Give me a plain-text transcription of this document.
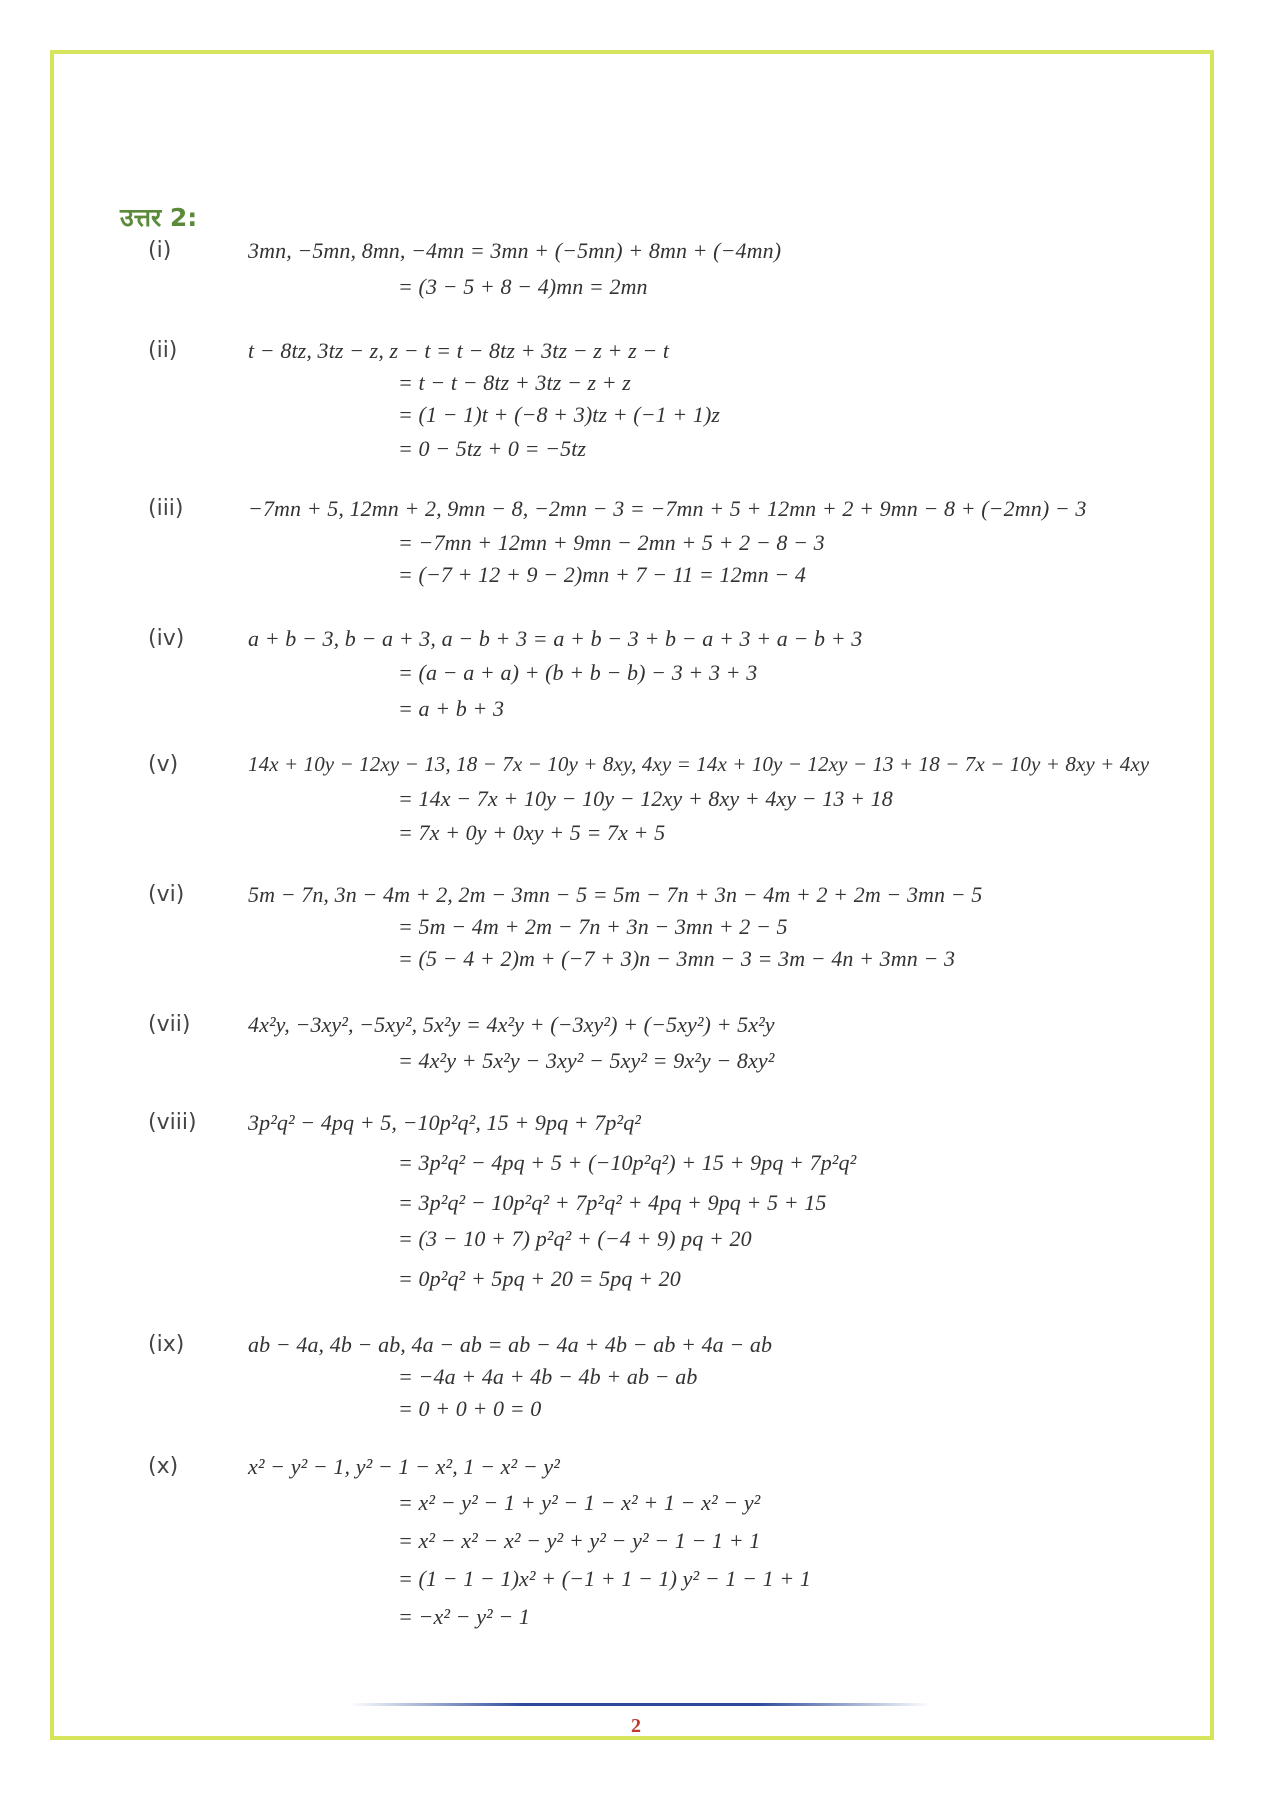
उत्तर 2:
(i)	3mn, −5mn, 8mn, −4mn = 3mn + (−5mn) + 8mn + (−4mn)
= (3 − 5 + 8 − 4)mn = 2mn
(ii)	t − 8tz, 3tz − z, z − t = t − 8tz + 3tz − z + z − t
= t − t − 8tz + 3tz − z + z
= (1 − 1)t + (−8 + 3)tz + (−1 + 1)z
= 0 − 5tz + 0 = −5tz
(iii)	−7mn + 5, 12mn + 2, 9mn − 8, −2mn − 3 = −7mn + 5 + 12mn + 2 + 9mn − 8 + (−2mn) − 3
= −7mn + 12mn + 9mn − 2mn + 5 + 2 − 8 − 3
= (−7 + 12 + 9 − 2)mn + 7 − 11 = 12mn − 4
(iv)	a + b − 3, b − a + 3, a − b + 3 = a + b − 3 + b − a + 3 + a − b + 3
= (a − a + a) + (b + b − b) − 3 + 3 + 3
= a + b + 3
(v)	14x + 10y − 12xy − 13, 18 − 7x − 10y + 8xy, 4xy = 14x + 10y − 12xy − 13 + 18 − 7x − 10y + 8xy + 4xy
= 14x − 7x + 10y − 10y − 12xy + 8xy + 4xy − 13 + 18
= 7x + 0y + 0xy + 5 = 7x + 5
(vi)	5m − 7n, 3n − 4m + 2, 2m − 3mn − 5 = 5m − 7n + 3n − 4m + 2 + 2m − 3mn − 5
= 5m − 4m + 2m − 7n + 3n − 3mn + 2 − 5
= (5 − 4 + 2)m + (−7 + 3)n − 3mn − 3 = 3m − 4n + 3mn − 3
(vii)	4x²y, −3xy², −5xy², 5x²y = 4x²y + (−3xy²) + (−5xy²) + 5x²y
= 4x²y + 5x²y − 3xy² − 5xy² = 9x²y − 8xy²
(viii) 3p²q² − 4pq + 5, −10p²q², 15 + 9pq + 7p²q²
= 3p²q² − 4pq + 5 + (−10p²q²) + 15 + 9pq + 7p²q²
= 3p²q² − 10p²q² + 7p²q² + 4pq + 9pq + 5 + 15
= (3 − 10 + 7) p²q² + (−4 + 9) pq + 20
= 0p²q² + 5pq + 20 = 5pq + 20
(ix)	ab − 4a, 4b − ab, 4a − ab = ab − 4a + 4b − ab + 4a − ab
= −4a + 4a + 4b − 4b + ab − ab
= 0 + 0 + 0 = 0
(x)	x² − y² − 1, y² − 1 − x², 1 − x² − y²
= x² − y² − 1 + y² − 1 − x² + 1 − x² − y²
= x² − x² − x² − y² + y² − y² − 1 − 1 + 1
= (1 − 1 − 1)x² + (−1 + 1 − 1) y² − 1 − 1 + 1
= −x² − y² − 1
2
